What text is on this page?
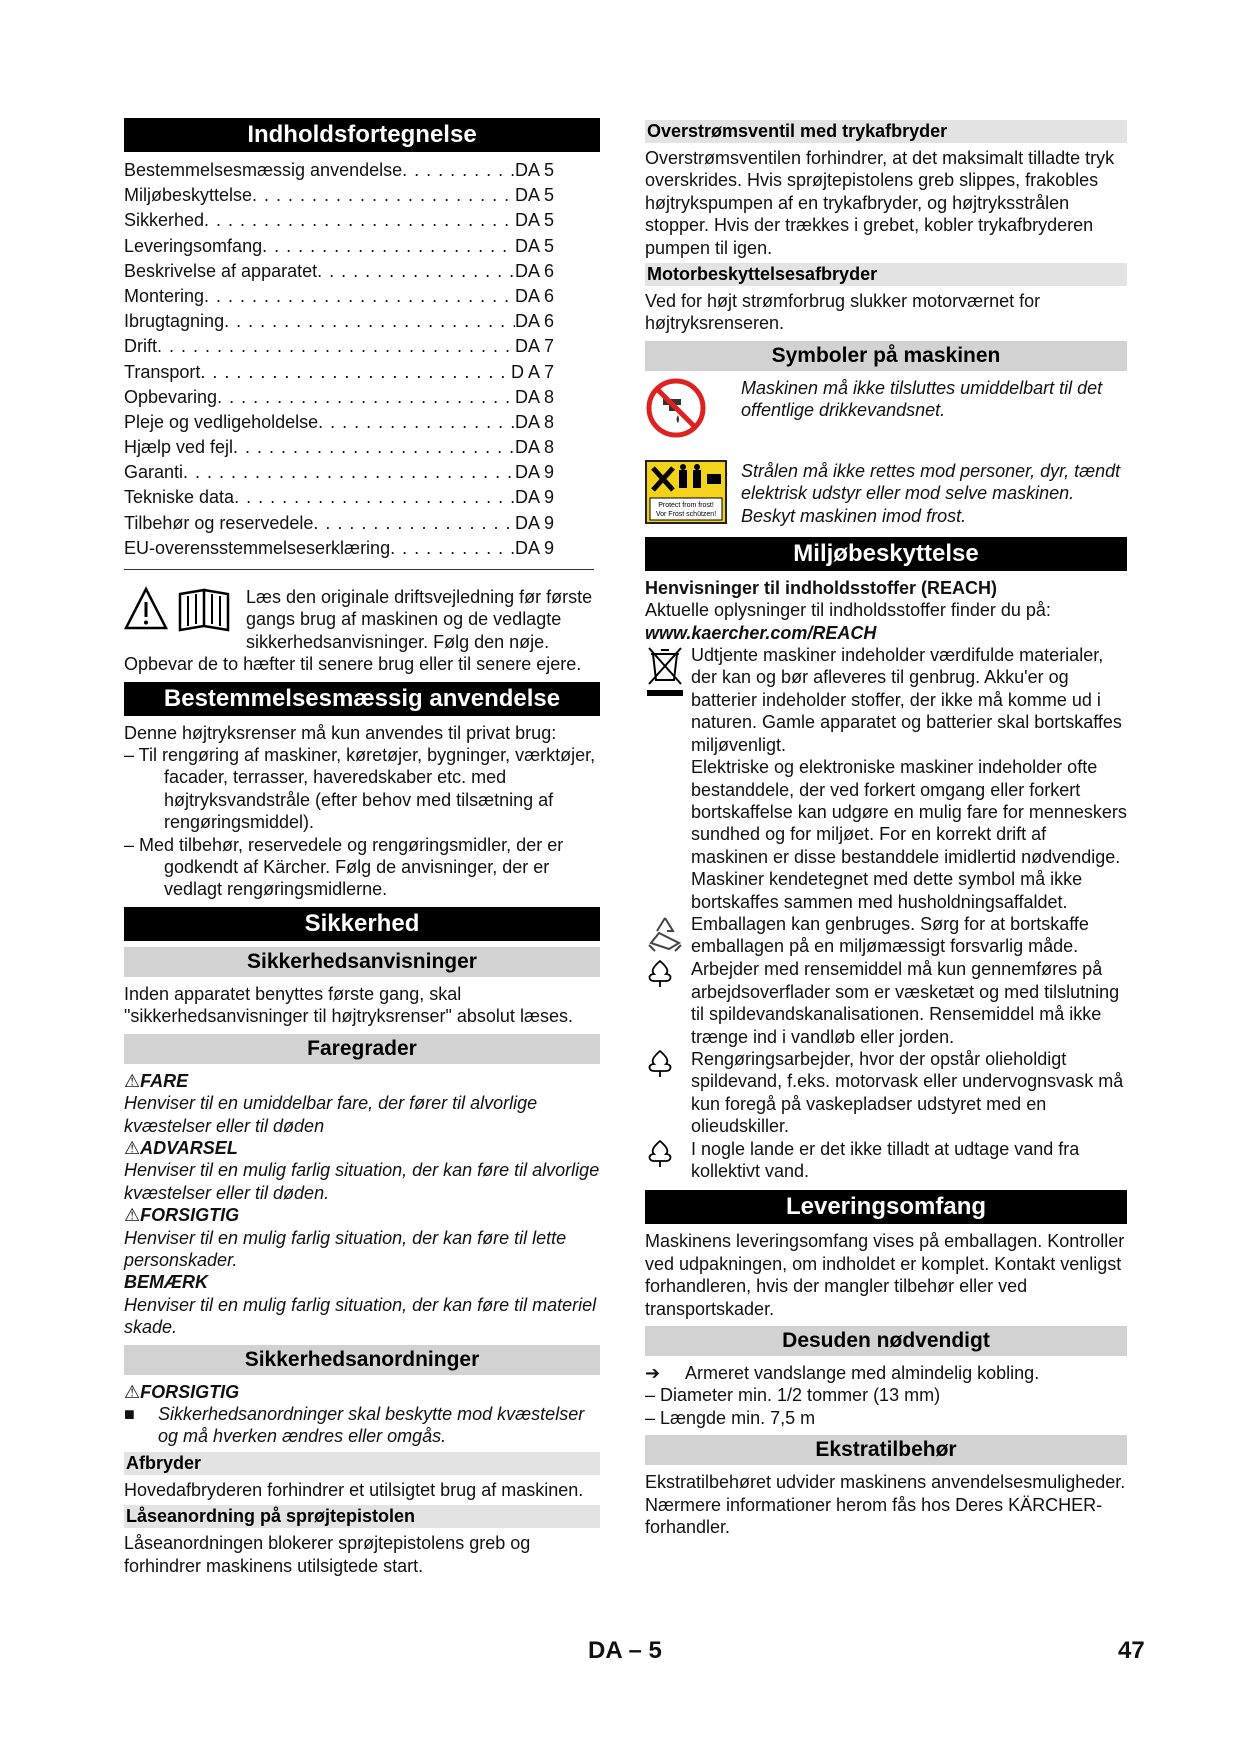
Indholdsfortegnelse
Bestemmelsesmæssig anvendelse . . .	DA 5
Miljøbeskyttelse . . .	DA 5
Sikkerhed . . .	DA 5
Leveringsomfang . . .	DA 5
Beskrivelse af apparatet . . .	DA 6
Montering . . .	DA 6
Ibrugtagning . . .	DA 6
Drift . . .	DA 7
Transport . . .	D A 7
Opbevaring . . .	DA 8
Pleje og vedligeholdelse . . .	DA 8
Hjælp ved fejl . . .	DA 8
Garanti . . .	DA 9
Tekniske data . . .	DA 9
Tilbehør og reservedele . . .	DA 9
EU-overensstemmelseserklæring . . .	DA 9
Læs den originale driftsvejledning før første gangs brug af maskinen og de vedlagte sikkerhedsanvisninger. Følg den nøje. Opbevar de to hæfter til senere brug eller til senere ejere.
Bestemmelsesmæssig anvendelse

Denne højtryksrenser må kun anvendes til privat brug:

– Til rengøring af maskiner, køretøjer, bygninger, værktøjer, facader, terrasser, haveredskaber etc. med højtryksvandstråle (efter behov med tilsætning af rengøringsmiddel).

– Med tilbehør, reservedele og rengøringsmidler, der er godkendt af Kärcher. Følg de anvisninger, der er vedlagt rengøringsmidlerne.

Sikkerhed
Sikkerhedsanvisninger

Inden apparatet benyttes første gang, skal "sikkerhedsanvisninger til højtryksrenser" absolut læses.

Faregrader

⚠FARE

Henviser til en umiddelbar fare, der fører til alvorlige kvæstelser eller til døden

⚠ADVARSEL

Henviser til en mulig farlig situation, der kan føre til alvorlige kvæstelser eller til døden.

⚠FORSIGTIG

Henviser til en mulig farlig situation, der kan føre til lette personskader.

BEMÆRK

Henviser til en mulig farlig situation, der kan føre til materiel skade.

Sikkerhedsanordninger

⚠FORSIGTIG

■	Sikkerhedsanordninger skal beskytte mod kvæstelser og må hverken ændres eller omgås.

Afbryder

Hovedafbryderen forhindrer et utilsigtet brug af maskinen.

Låseanordning på sprøjtepistolen

Låseanordningen blokerer sprøjtepistolens greb og forhindrer maskinens utilsigtede start.

Overstrømsventil med trykafbryder

Overstrømsventilen forhindrer, at det maksimalt tilladte tryk overskrides. Hvis sprøjtepistolens greb slippes, frakobles højtrykspumpen af en trykafbryder, og højtryksstrålen stopper. Hvis der trækkes i grebet, kobler trykafbryderen pumpen til igen.

Motorbeskyttelsesafbryder

Ved for højt strømforbrug slukker motorværnet for højtryksrenseren.

Symboler på maskinen

Maskinen må ikke tilsluttes umiddelbart til det offentlige drikkevandsnet.

Protect from frost!
Vor Frost schützen!

Strålen må ikke rettes mod personer, dyr, tændt elektrisk udstyr eller mod selve maskinen.

Beskyt maskinen imod frost.

Miljøbeskyttelse

Henvisninger til indholdsstoffer (REACH)

Aktuelle oplysninger til indholdsstoffer finder du på:

www.kaercher.com/REACH

Udtjente maskiner indeholder værdifulde materialer, der kan og bør afleveres til genbrug. Akku'er og batterier indeholder stoffer, der ikke må komme ud i naturen. Gamle apparatet og batterier skal bortskaffes miljøvenligt.

Elektriske og elektroniske maskiner indeholder ofte bestanddele, der ved forkert omgang eller forkert bortskaffelse kan udgøre en mulig fare for menneskers sundhed og for miljøet. For en korrekt drift af maskinen er disse bestanddele imidlertid nødvendige. Maskiner kendetegnet med dette symbol må ikke bortskaffes sammen med husholdningsaffaldet.

Emballagen kan genbruges. Sørg for at bortskaffe emballagen på en miljømæssigt forsvarlig måde.

Arbejder med rensemiddel må kun gennemføres på arbejdsoverflader som er væsketæt og med tilslutning til spildevandskanalisationen. Rensemiddel må ikke trænge ind i vandløb eller jorden.

Rengøringsarbejder, hvor der opstår olieholdigt spildevand, f.eks. motorvask eller undervognsvask må kun foregå på vaskepladser udstyret med en olieudskiller.

I nogle lande er det ikke tilladt at udtage vand fra kollektivt vand.

Leveringsomfang

Maskinens leveringsomfang vises på emballagen. Kontroller ved udpakningen, om indholdet er komplet. Kontakt venligst forhandleren, hvis der mangler tilbehør eller ved transportskader.

Desuden nødvendigt
➔	Armeret vandslange med almindelig kobling.

– Diameter min. 1/2 tommer (13 mm)

– Længde min. 7,5 m

Ekstratilbehør

Ekstratilbehøret udvider maskinens anvendelsesmuligheder. Nærmere informationer herom fås hos Deres KÄRCHER-forhandler.

DA – 5	47
